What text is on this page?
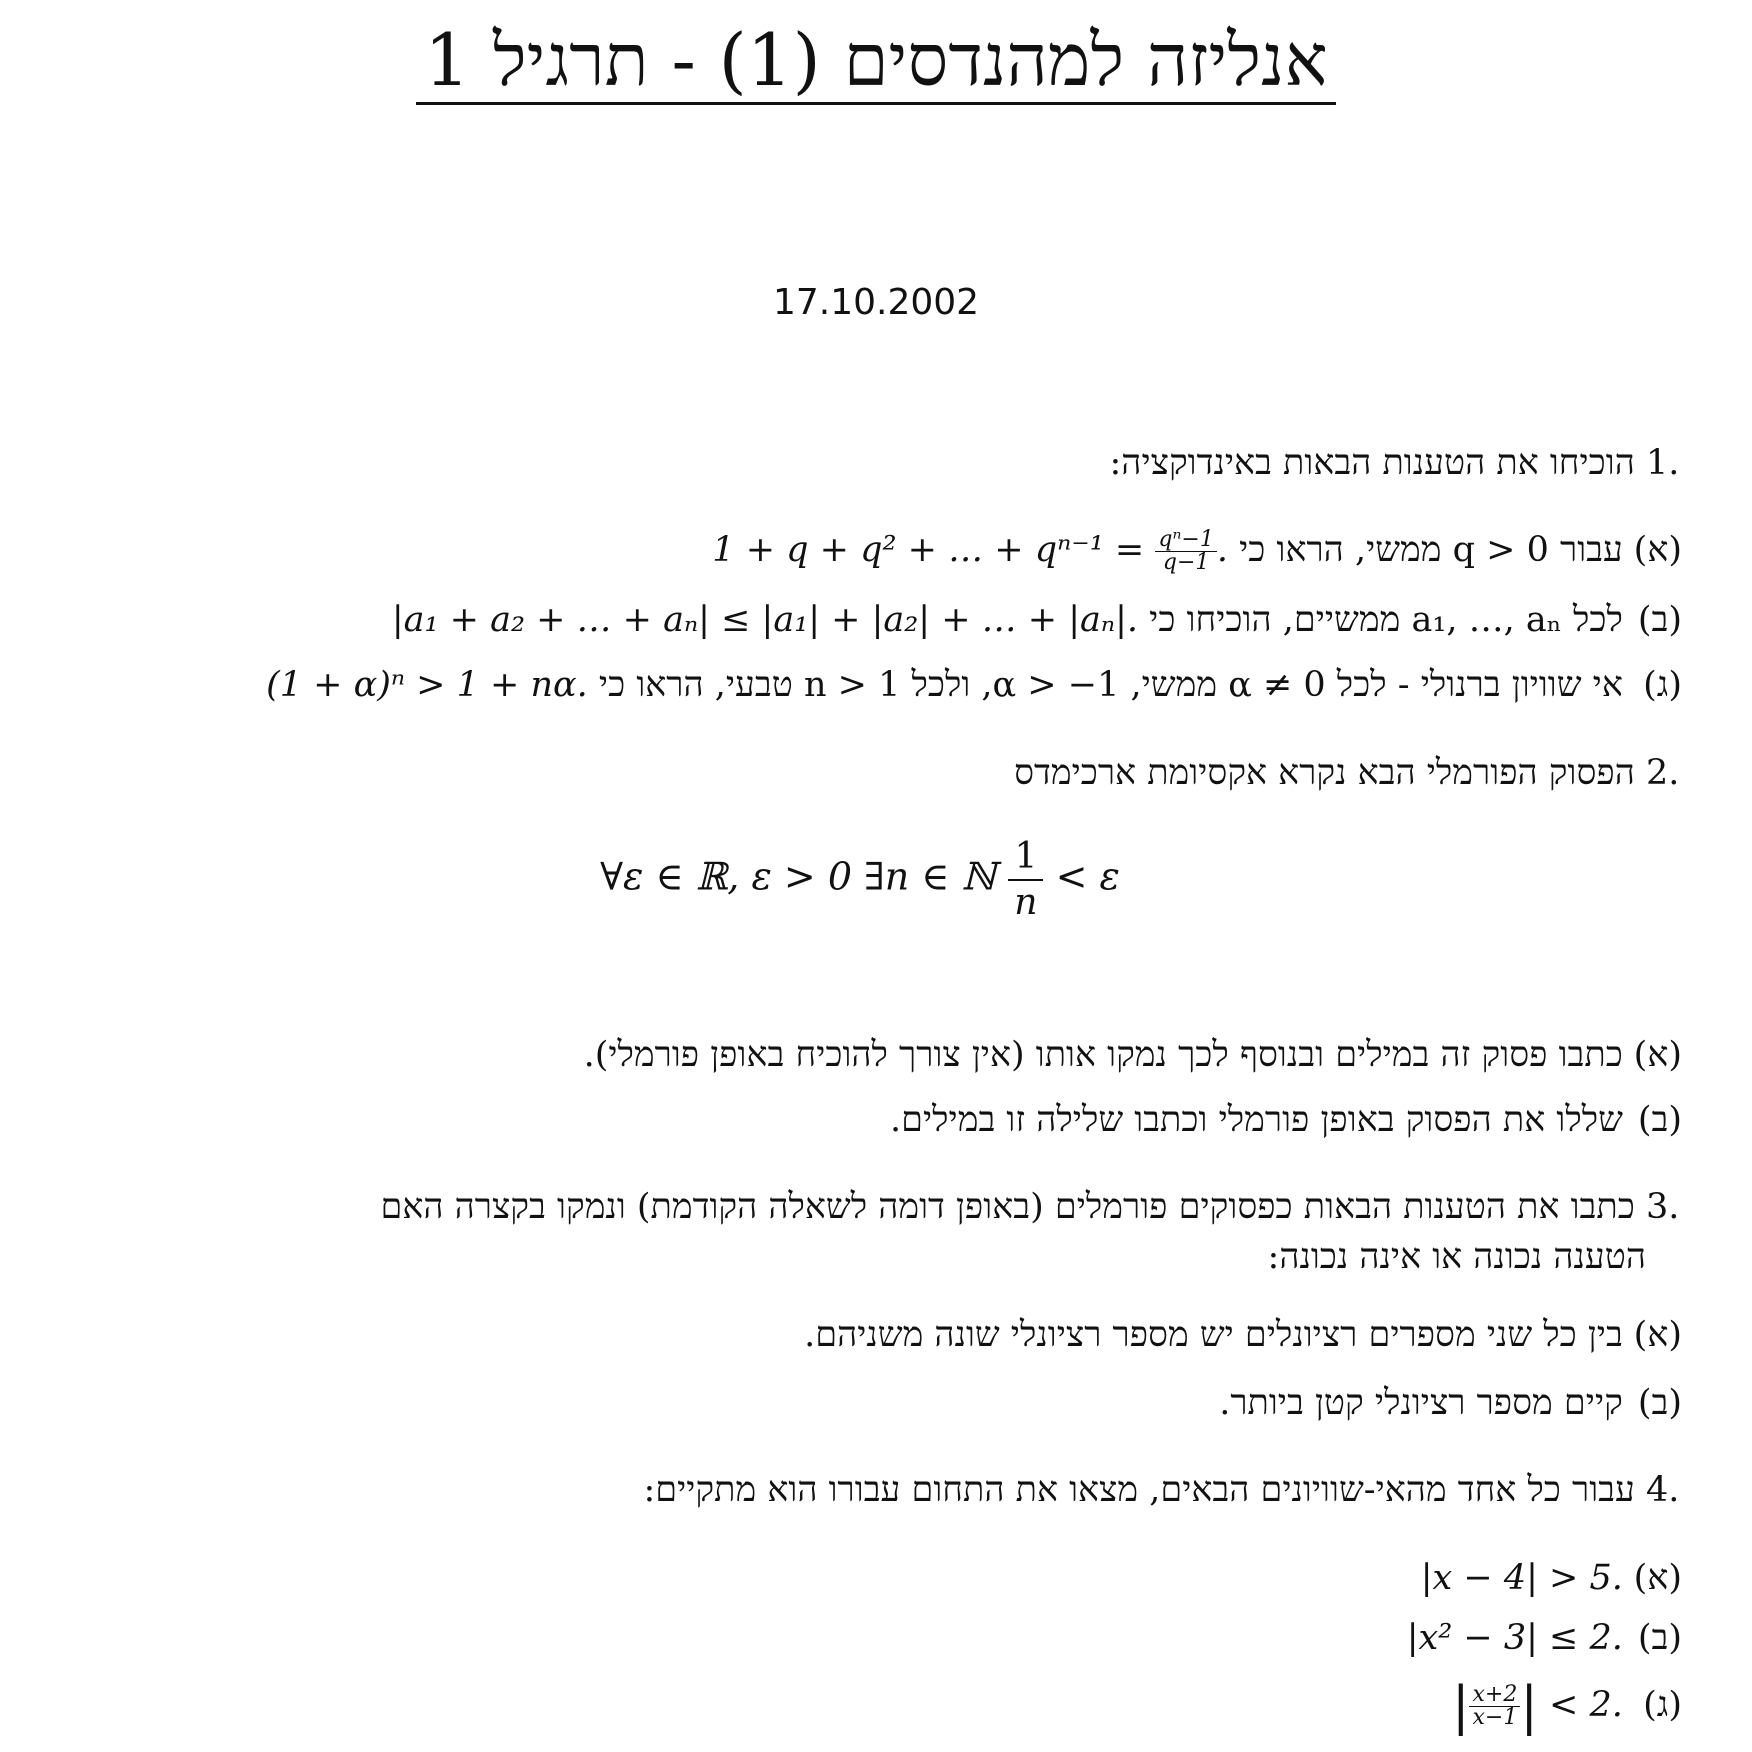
אנליזה למהנדסים (1) - תרגיל 1
17.10.2002
.1 הוכיחו את הטענות הבאות באינדוקציה:
(א) עבור q > 0 ממשי, הראו כי 1 + q + q² + … + $q^{n-1} = \frac{\text{qⁿ−1}}{q-1}$ .
(ב) לכל a₁, …, aₙ ממשיים, הוכיחו כי |a₁ + a₂ + … + aₙ| ≤ |a₁| + |a₂| + … + |aₙ|.
(ג) אי שוויון ברנולי - לכל α ≠ 0 ממשי, α > −1, ולכל n > 1 טבעי, הראו כי (1 + α)ⁿ > 1 + nα.
.2 הפסוק הפורמלי הבא נקרא אקסיומת ארכימדס
∀ε ∈ ℝ, ε > 0 ∃n ∈ ℕ $\frac{1}{n} < \varepsilon$
(א) כתבו פסוק זה במילים ובנוסף לכך נמקו אותו (אין צורך להוכיח באופן פורמלי).
(ב) שללו את הפסוק באופן פורמלי וכתבו שלילה זו במילים.
.3 כתבו את הטענות הבאות כפסוקים פורמלים (באופן דומה לשאלה הקודמת) ונמקו בקצרה האם
הטענה נכונה או אינה נכונה:
(א) בין כל שני מספרים רציונלים יש מספר רציונלי שונה משניהם.
(ב) קיים מספר רציונלי קטן ביותר.
.4 עבור כל אחד מהאי-שוויונים הבאים, מצאו את התחום עבורו הוא מתקיים:
(א) |x − 4| > 5.
(ב) |x² − 3| ≤ 2.
(ג) | $\frac{x+2}{x-1}$ | < 2.
